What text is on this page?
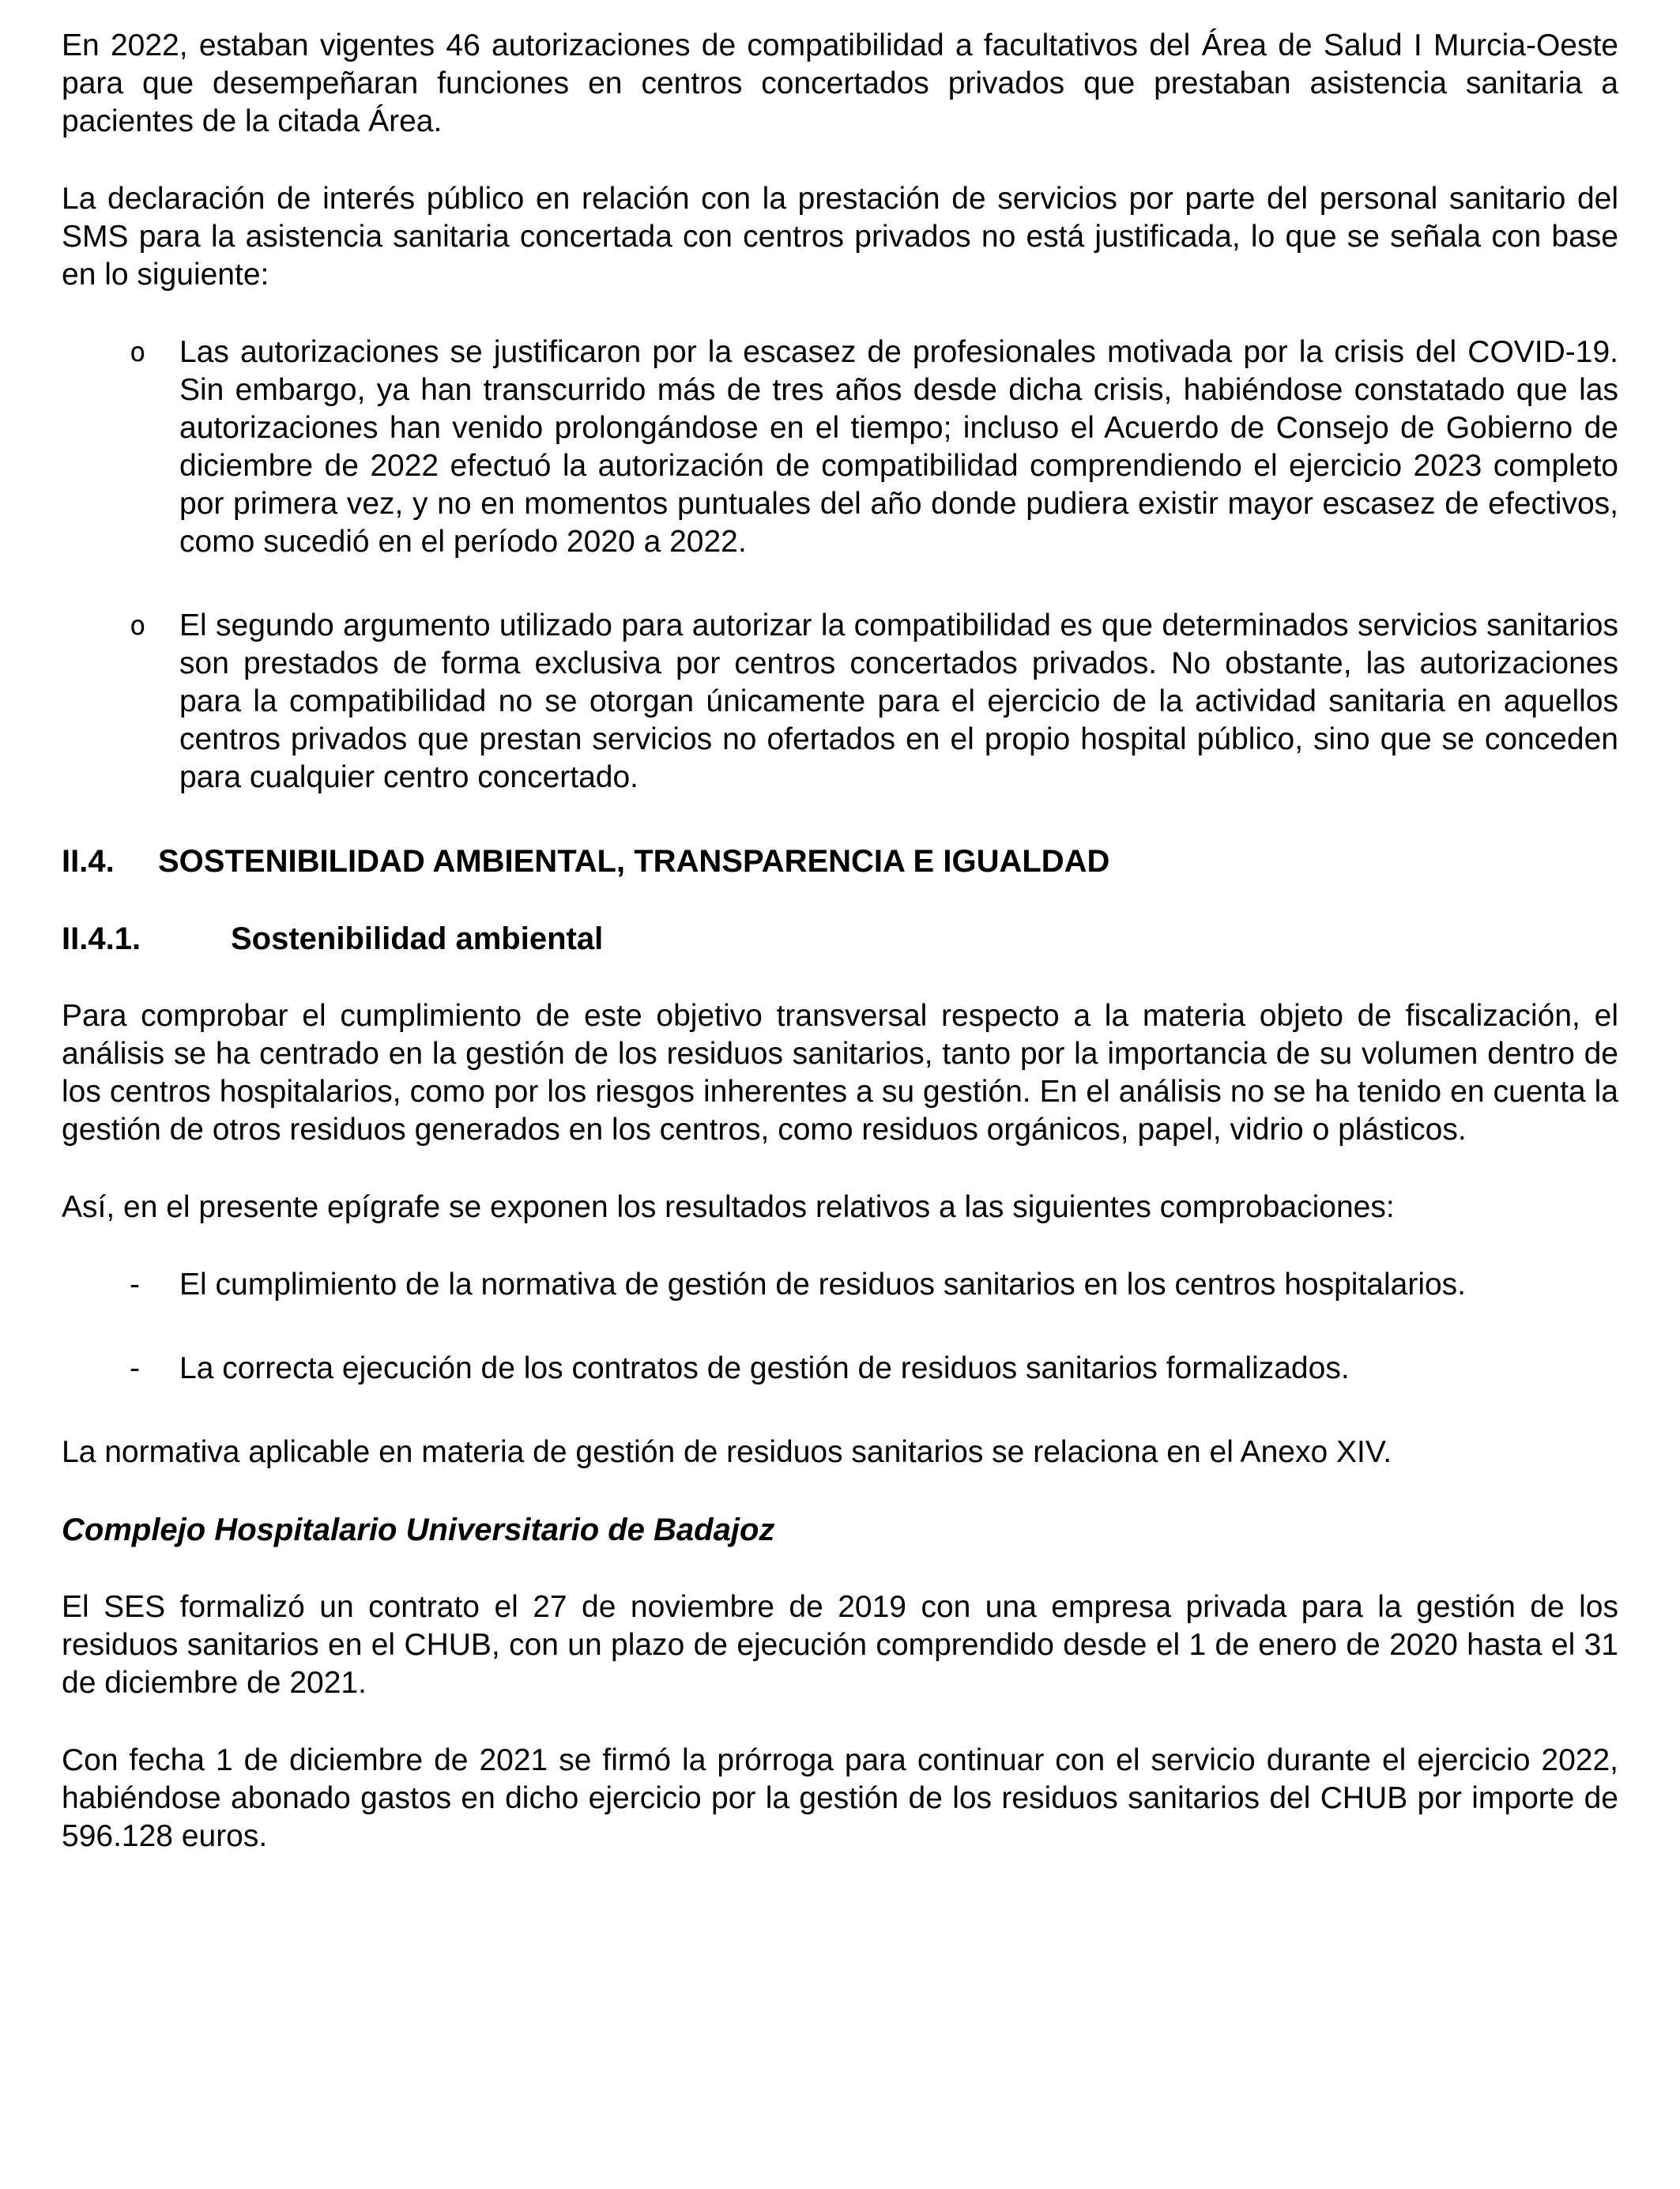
En 2022, estaban vigentes 46 autorizaciones de compatibilidad a facultativos del Área de Salud I Murcia-Oeste para que desempeñaran funciones en centros concertados privados que prestaban asistencia sanitaria a pacientes de la citada Área.

La declaración de interés público en relación con la prestación de servicios por parte del personal sanitario del SMS para la asistencia sanitaria concertada con centros privados no está justificada, lo que se señala con base en lo siguiente:

o Las autorizaciones se justificaron por la escasez de profesionales motivada por la crisis del COVID-19. Sin embargo, ya han transcurrido más de tres años desde dicha crisis, habiéndose constatado que las autorizaciones han venido prolongándose en el tiempo; incluso el Acuerdo de Consejo de Gobierno de diciembre de 2022 efectuó la autorización de compatibilidad comprendiendo el ejercicio 2023 completo por primera vez, y no en momentos puntuales del año donde pudiera existir mayor escasez de efectivos, como sucedió en el período 2020 a 2022.

o El segundo argumento utilizado para autorizar la compatibilidad es que determinados servicios sanitarios son prestados de forma exclusiva por centros concertados privados. No obstante, las autorizaciones para la compatibilidad no se otorgan únicamente para el ejercicio de la actividad sanitaria en aquellos centros privados que prestan servicios no ofertados en el propio hospital público, sino que se conceden para cualquier centro concertado.

II.4.	SOSTENIBILIDAD AMBIENTAL, TRANSPARENCIA E IGUALDAD
II.4.1.	Sostenibilidad ambiental

Para comprobar el cumplimiento de este objetivo transversal respecto a la materia objeto de fiscalización, el análisis se ha centrado en la gestión de los residuos sanitarios, tanto por la importancia de su volumen dentro de los centros hospitalarios, como por los riesgos inherentes a su gestión. En el análisis no se ha tenido en cuenta la gestión de otros residuos generados en los centros, como residuos orgánicos, papel, vidrio o plásticos.

Así, en el presente epígrafe se exponen los resultados relativos a las siguientes comprobaciones:

- El cumplimiento de la normativa de gestión de residuos sanitarios en los centros hospitalarios.

- La correcta ejecución de los contratos de gestión de residuos sanitarios formalizados.

La normativa aplicable en materia de gestión de residuos sanitarios se relaciona en el Anexo XIV.

Complejo Hospitalario Universitario de Badajoz

El SES formalizó un contrato el 27 de noviembre de 2019 con una empresa privada para la gestión de los residuos sanitarios en el CHUB, con un plazo de ejecución comprendido desde el 1 de enero de 2020 hasta el 31 de diciembre de 2021.

Con fecha 1 de diciembre de 2021 se firmó la prórroga para continuar con el servicio durante el ejercicio 2022, habiéndose abonado gastos en dicho ejercicio por la gestión de los residuos sanitarios del CHUB por importe de 596.128 euros.
